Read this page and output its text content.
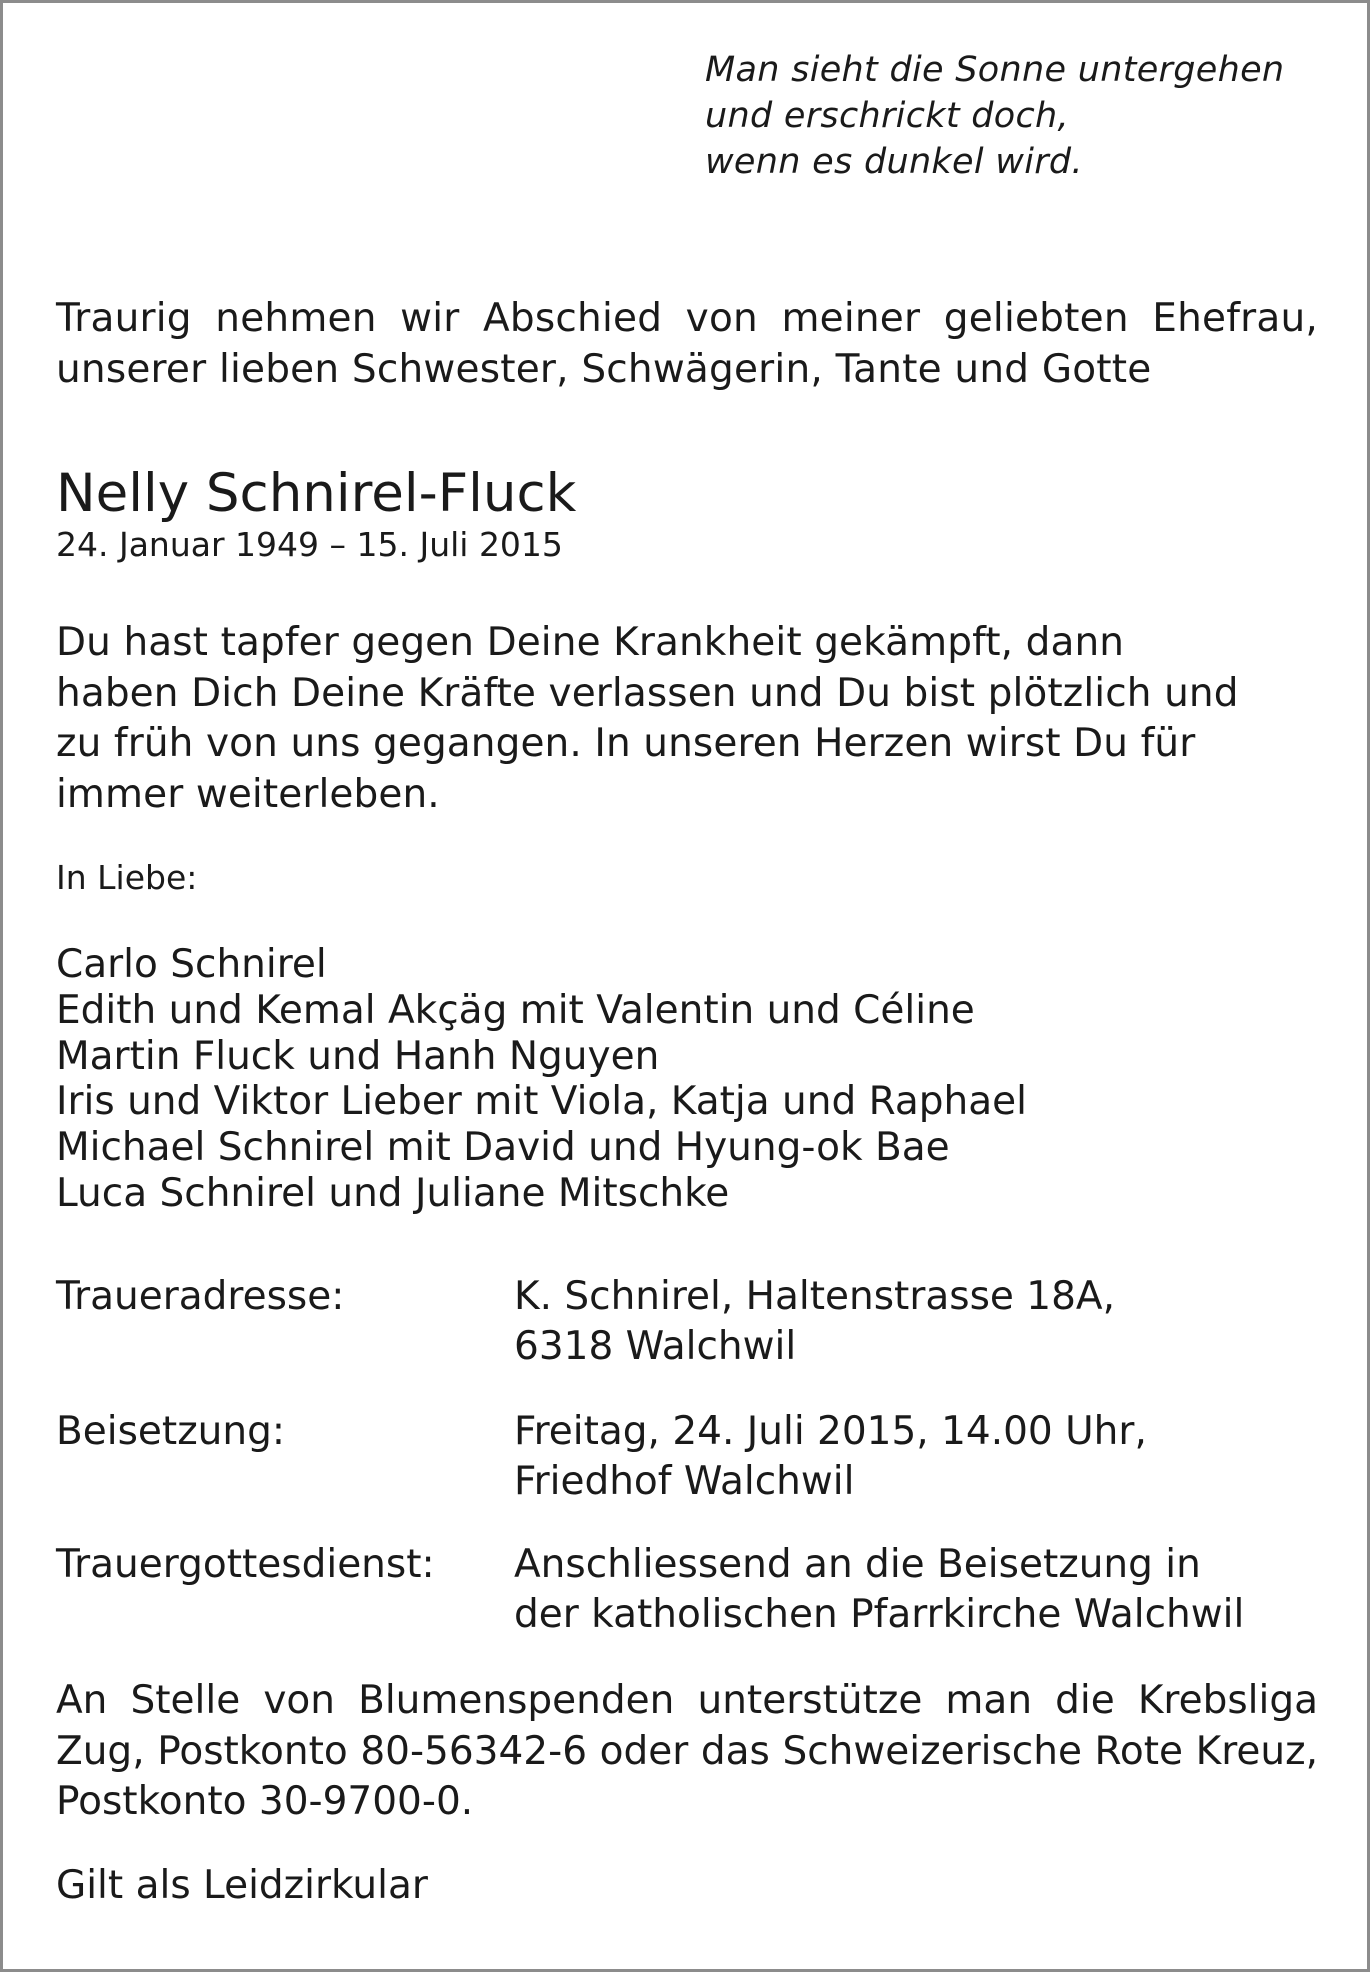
Man sieht die Sonne untergehen
und erschrickt doch,
wenn es dunkel wird.
Traurig nehmen wir Abschied von meiner geliebten Ehefrau,
unserer lieben Schwester, Schwägerin, Tante und Gotte
Nelly Schnirel-Fluck
24. Januar 1949 – 15. Juli 2015
Du hast tapfer gegen Deine Krankheit gekämpft, dann
haben Dich Deine Kräfte verlassen und Du bist plötzlich und
zu früh von uns gegangen. In unseren Herzen wirst Du für
immer weiterleben.
In Liebe:
Carlo Schnirel
Edith und Kemal Akçäg mit Valentin und Céline
Martin Fluck und Hanh Nguyen
Iris und Viktor Lieber mit Viola, Katja und Raphael
Michael Schnirel mit David und Hyung-ok Bae
Luca Schnirel und Juliane Mitschke
Traueradresse:	K. Schnirel, Haltenstrasse 18A,
6318 Walchwil
Beisetzung:	Freitag, 24. Juli 2015, 14.00 Uhr,
Friedhof Walchwil
Trauergottesdienst: Anschliessend an die Beisetzung in
der katholischen Pfarrkirche Walchwil
An Stelle von Blumenspenden unterstütze man die Krebsliga
Zug, Postkonto 80-56342-6 oder das Schweizerische Rote Kreuz,
Postkonto 30-9700-0.
Gilt als Leidzirkular
